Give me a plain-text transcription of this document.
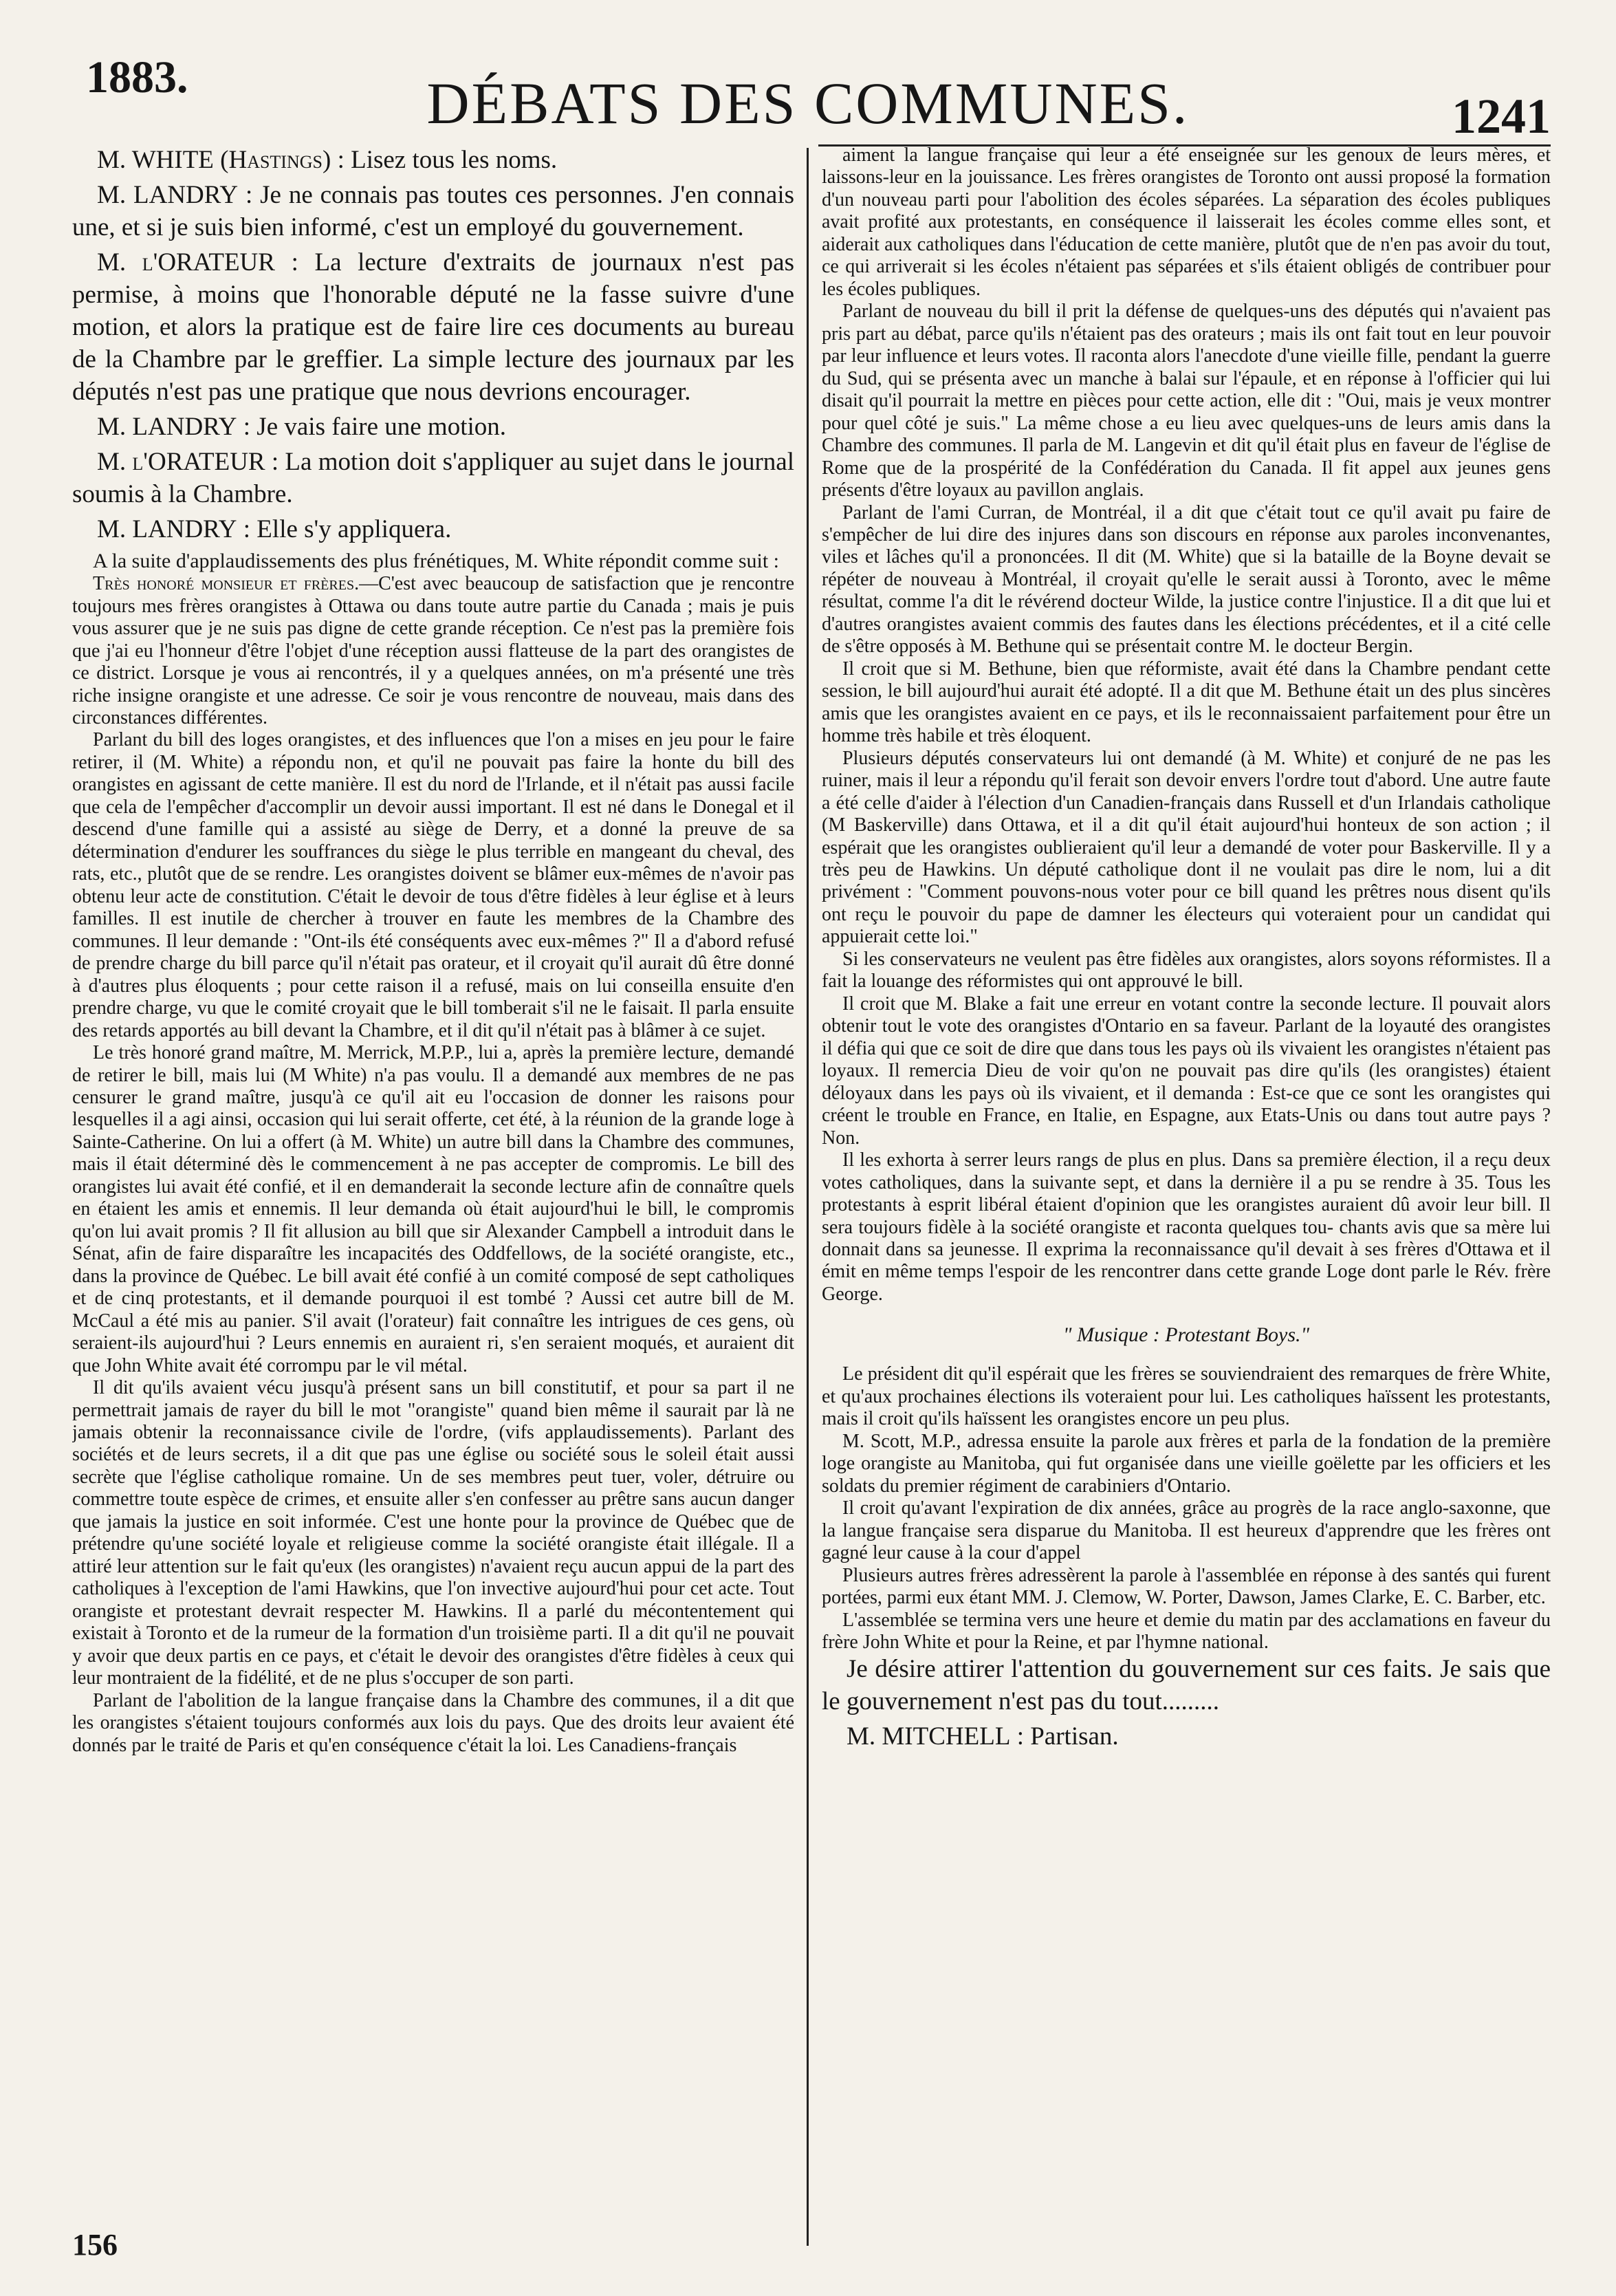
1883.	DÉBATS DES COMMUNES.	1241

M. WHITE (Hastings) : Lisez tous les noms.

M. LANDRY : Je ne connais pas toutes ces personnes. J'en connais une, et si je suis bien informé, c'est un employé du gouvernement.

M. l'ORATEUR : La lecture d'extraits de journaux n'est pas permise, à moins que l'honorable député ne la fasse suivre d'une motion, et alors la pratique est de faire lire ces documents au bureau de la Chambre par le greffier. La simple lecture des journaux par les députés n'est pas une pratique que nous devrions encourager.

M. LANDRY : Je vais faire une motion.

M. l'ORATEUR : La motion doit s'appliquer au sujet dans le journal soumis à la Chambre.

M. LANDRY : Elle s'y appliquera.

A la suite d'applaudissements des plus frénétiques, M. White répondit comme suit :

Très honoré monsieur et frères.—C'est avec beaucoup de satisfaction que je rencontre toujours mes frères orangistes à Ottawa ou dans toute autre partie du Canada ; mais je puis vous assurer que je ne suis pas digne de cette grande réception. Ce n'est pas la première fois que j'ai eu l'honneur d'être l'objet d'une réception aussi flatteuse de la part des orangistes de ce district. Lorsque je vous ai rencontrés, il y a quelques années, on m'a présenté une très riche insigne orangiste et une adresse. Ce soir je vous rencontre de nouveau, mais dans des circonstances différentes.

Parlant du bill des loges orangistes, et des influences que l'on a mises en jeu pour le faire retirer, il (M. White) a répondu non, et qu'il ne pouvait pas faire la honte du bill des orangistes en agissant de cette manière. Il est du nord de l'Irlande, et il n'était pas aussi facile que cela de l'empêcher d'accomplir un devoir aussi important. Il est né dans le Donegal et il descend d'une famille qui a assisté au siège de Derry, et a donné la preuve de sa détermination d'endurer les souffrances du siège le plus terrible en mangeant du cheval, des rats, etc., plutôt que de se rendre. Les orangistes doivent se blâmer eux-mêmes de n'avoir pas obtenu leur acte de constitution. C'était le devoir de tous d'être fidèles à leur église et à leurs familles. Il est inutile de chercher à trouver en faute les membres de la Chambre des communes. Il leur demande : "Ont-ils été conséquents avec eux-mêmes ?" Il a d'abord refusé de prendre charge du bill parce qu'il n'était pas orateur, et il croyait qu'il aurait dû être donné à d'autres plus éloquents ; pour cette raison il a refusé, mais on lui conseilla ensuite d'en prendre charge, vu que le comité croyait que le bill tomberait s'il ne le faisait. Il parla ensuite des retards apportés au bill devant la Chambre, et il dit qu'il n'était pas à blâmer à ce sujet.

Le très honoré grand maître, M. Merrick, M.P.P., lui a, après la première lecture, demandé de retirer le bill, mais lui (M White) n'a pas voulu. Il a demandé aux membres de ne pas censurer le grand maître, jusqu'à ce qu'il ait eu l'occasion de donner les raisons pour lesquelles il a agi ainsi, occasion qui lui serait offerte, cet été, à la réunion de la grande loge à Sainte-Catherine. On lui a offert (à M. White) un autre bill dans la Chambre des communes, mais il était déterminé dès le commencement à ne pas accepter de compromis. Le bill des orangistes lui avait été confié, et il en demanderait la seconde lecture afin de connaître quels en étaient les amis et ennemis. Il leur demanda où était aujourd'hui le bill, le compromis qu'on lui avait promis ? Il fit allusion au bill que sir Alexander Campbell a introduit dans le Sénat, afin de faire disparaître les incapacités des Oddfellows, de la société orangiste, etc., dans la province de Québec. Le bill avait été confié à un comité composé de sept catholiques et de cinq protestants, et il demande pourquoi il est tombé ? Aussi cet autre bill de M. McCaul a été mis au panier. S'il avait (l'orateur) fait connaître les intrigues de ces gens, où seraient-ils aujourd'hui ? Leurs ennemis en auraient ri, s'en seraient moqués, et auraient dit que John White avait été corrompu par le vil métal.

Il dit qu'ils avaient vécu jusqu'à présent sans un bill constitutif, et pour sa part il ne permettrait jamais de rayer du bill le mot "orangiste" quand bien même il saurait par là ne jamais obtenir la reconnaissance civile de l'ordre, (vifs applaudissements). Parlant des sociétés et de leurs secrets, il a dit que pas une église ou société sous le soleil était aussi secrète que l'église catholique romaine. Un de ses membres peut tuer, voler, détruire ou commettre toute espèce de crimes, et ensuite aller s'en confesser au prêtre sans aucun danger que jamais la justice en soit informée. C'est une honte pour la province de Québec que de prétendre qu'une société loyale et religieuse comme la société orangiste était illégale. Il a attiré leur attention sur le fait qu'eux (les orangistes) n'avaient reçu aucun appui de la part des catholiques à l'exception de l'ami Hawkins, que l'on invective aujourd'hui pour cet acte. Tout orangiste et protestant devrait respecter M. Hawkins. Il a parlé du mécontentement qui existait à Toronto et de la rumeur de la formation d'un troisième parti. Il a dit qu'il ne pouvait y avoir que deux partis en ce pays, et c'était le devoir des orangistes d'être fidèles à ceux qui leur montraient de la fidélité, et de ne plus s'occuper de son parti.

Parlant de l'abolition de la langue française dans la Chambre des communes, il a dit que les orangistes s'étaient toujours conformés aux lois du pays. Que des droits leur avaient été donnés par le traité de Paris et qu'en conséquence c'était la loi. Les Canadiens-français

aiment la langue française qui leur a été enseignée sur les genoux de leurs mères, et laissons-leur en la jouissance. Les frères orangistes de Toronto ont aussi proposé la formation d'un nouveau parti pour l'abolition des écoles séparées. La séparation des écoles publiques avait profité aux protestants, en conséquence il laisserait les écoles comme elles sont, et aiderait aux catholiques dans l'éducation de cette manière, plutôt que de n'en pas avoir du tout, ce qui arriverait si les écoles n'étaient pas séparées et s'ils étaient obligés de contribuer pour les écoles publiques.

Parlant de nouveau du bill il prit la défense de quelques-uns des députés qui n'avaient pas pris part au débat, parce qu'ils n'étaient pas des orateurs ; mais ils ont fait tout en leur pouvoir par leur influence et leurs votes. Il raconta alors l'anecdote d'une vieille fille, pendant la guerre du Sud, qui se présenta avec un manche à balai sur l'épaule, et en réponse à l'officier qui lui disait qu'il pourrait la mettre en pièces pour cette action, elle dit : "Oui, mais je veux montrer pour quel côté je suis." La même chose a eu lieu avec quelques-uns de leurs amis dans la Chambre des communes. Il parla de M. Langevin et dit qu'il était plus en faveur de l'église de Rome que de la prospérité de la Confédération du Canada. Il fit appel aux jeunes gens présents d'être loyaux au pavillon anglais.

Parlant de l'ami Curran, de Montréal, il a dit que c'était tout ce qu'il avait pu faire de s'empêcher de lui dire des injures dans son discours en réponse aux paroles inconvenantes, viles et lâches qu'il a prononcées. Il dit (M. White) que si la bataille de la Boyne devait se répéter de nouveau à Montréal, il croyait qu'elle le serait aussi à Toronto, avec le même résultat, comme l'a dit le révérend docteur Wilde, la justice contre l'injustice. Il a dit que lui et d'autres orangistes avaient commis des fautes dans les élections précédentes, et il a cité celle de s'être opposés à M. Bethune qui se présentait contre M. le docteur Bergin.

Il croit que si M. Bethune, bien que réformiste, avait été dans la Chambre pendant cette session, le bill aujourd'hui aurait été adopté. Il a dit que M. Bethune était un des plus sincères amis que les orangistes avaient en ce pays, et ils le reconnaissaient parfaitement pour être un homme très habile et très éloquent.

Plusieurs députés conservateurs lui ont demandé (à M. White) et conjuré de ne pas les ruiner, mais il leur a répondu qu'il ferait son devoir envers l'ordre tout d'abord. Une autre faute a été celle d'aider à l'élection d'un Canadien-français dans Russell et d'un Irlandais catholique (M Baskerville) dans Ottawa, et il a dit qu'il était aujourd'hui honteux de son action ; il espérait que les orangistes oublieraient qu'il leur a demandé de voter pour Baskerville. Il y a très peu de Hawkins. Un député catholique dont il ne voulait pas dire le nom, lui a dit privément : "Comment pouvons-nous voter pour ce bill quand les prêtres nous disent qu'ils ont reçu le pouvoir du pape de damner les électeurs qui voteraient pour un candidat qui appuierait cette loi."

Si les conservateurs ne veulent pas être fidèles aux orangistes, alors soyons réformistes. Il a fait la louange des réformistes qui ont approuvé le bill.

Il croit que M. Blake a fait une erreur en votant contre la seconde lecture. Il pouvait alors obtenir tout le vote des orangistes d'Ontario en sa faveur. Parlant de la loyauté des orangistes il défia qui que ce soit de dire que dans tous les pays où ils vivaient les orangistes n'étaient pas loyaux. Il remercia Dieu de voir qu'on ne pouvait pas dire qu'ils (les orangistes) étaient déloyaux dans les pays où ils vivaient, et il demanda : Est-ce que ce sont les orangistes qui créent le trouble en France, en Italie, en Espagne, aux Etats-Unis ou dans tout autre pays ? Non.

Il les exhorta à serrer leurs rangs de plus en plus. Dans sa première élection, il a reçu deux votes catholiques, dans la suivante sept, et dans la dernière il a pu se rendre à 35. Tous les protestants à esprit libéral étaient d'opinion que les orangistes auraient dû avoir leur bill. Il sera toujours fidèle à la société orangiste et raconta quelques tou- chants avis que sa mère lui donnait dans sa jeunesse. Il exprima la reconnaissance qu'il devait à ses frères d'Ottawa et il émit en même temps l'espoir de les rencontrer dans cette grande Loge dont parle le Rév. frère George.

" Musique : Protestant Boys."

Le président dit qu'il espérait que les frères se souviendraient des remarques de frère White, et qu'aux prochaines élections ils voteraient pour lui. Les catholiques haïssent les protestants, mais il croit qu'ils haïssent les orangistes encore un peu plus.

M. Scott, M.P., adressa ensuite la parole aux frères et parla de la fondation de la première loge orangiste au Manitoba, qui fut organisée dans une vieille goëlette par les officiers et les soldats du premier régiment de carabiniers d'Ontario.

Il croit qu'avant l'expiration de dix années, grâce au progrès de la race anglo-saxonne, que la langue française sera disparue du Manitoba. Il est heureux d'apprendre que les frères ont gagné leur cause à la cour d'appel

Plusieurs autres frères adressèrent la parole à l'assemblée en réponse à des santés qui furent portées, parmi eux étant MM. J. Clemow, W. Porter, Dawson, James Clarke, E. C. Barber, etc.

L'assemblée se termina vers une heure et demie du matin par des acclamations en faveur du frère John White et pour la Reine, et par l'hymne national.

Je désire attirer l'attention du gouvernement sur ces faits. Je sais que le gouvernement n'est pas du tout.........

M. MITCHELL : Partisan.

156
